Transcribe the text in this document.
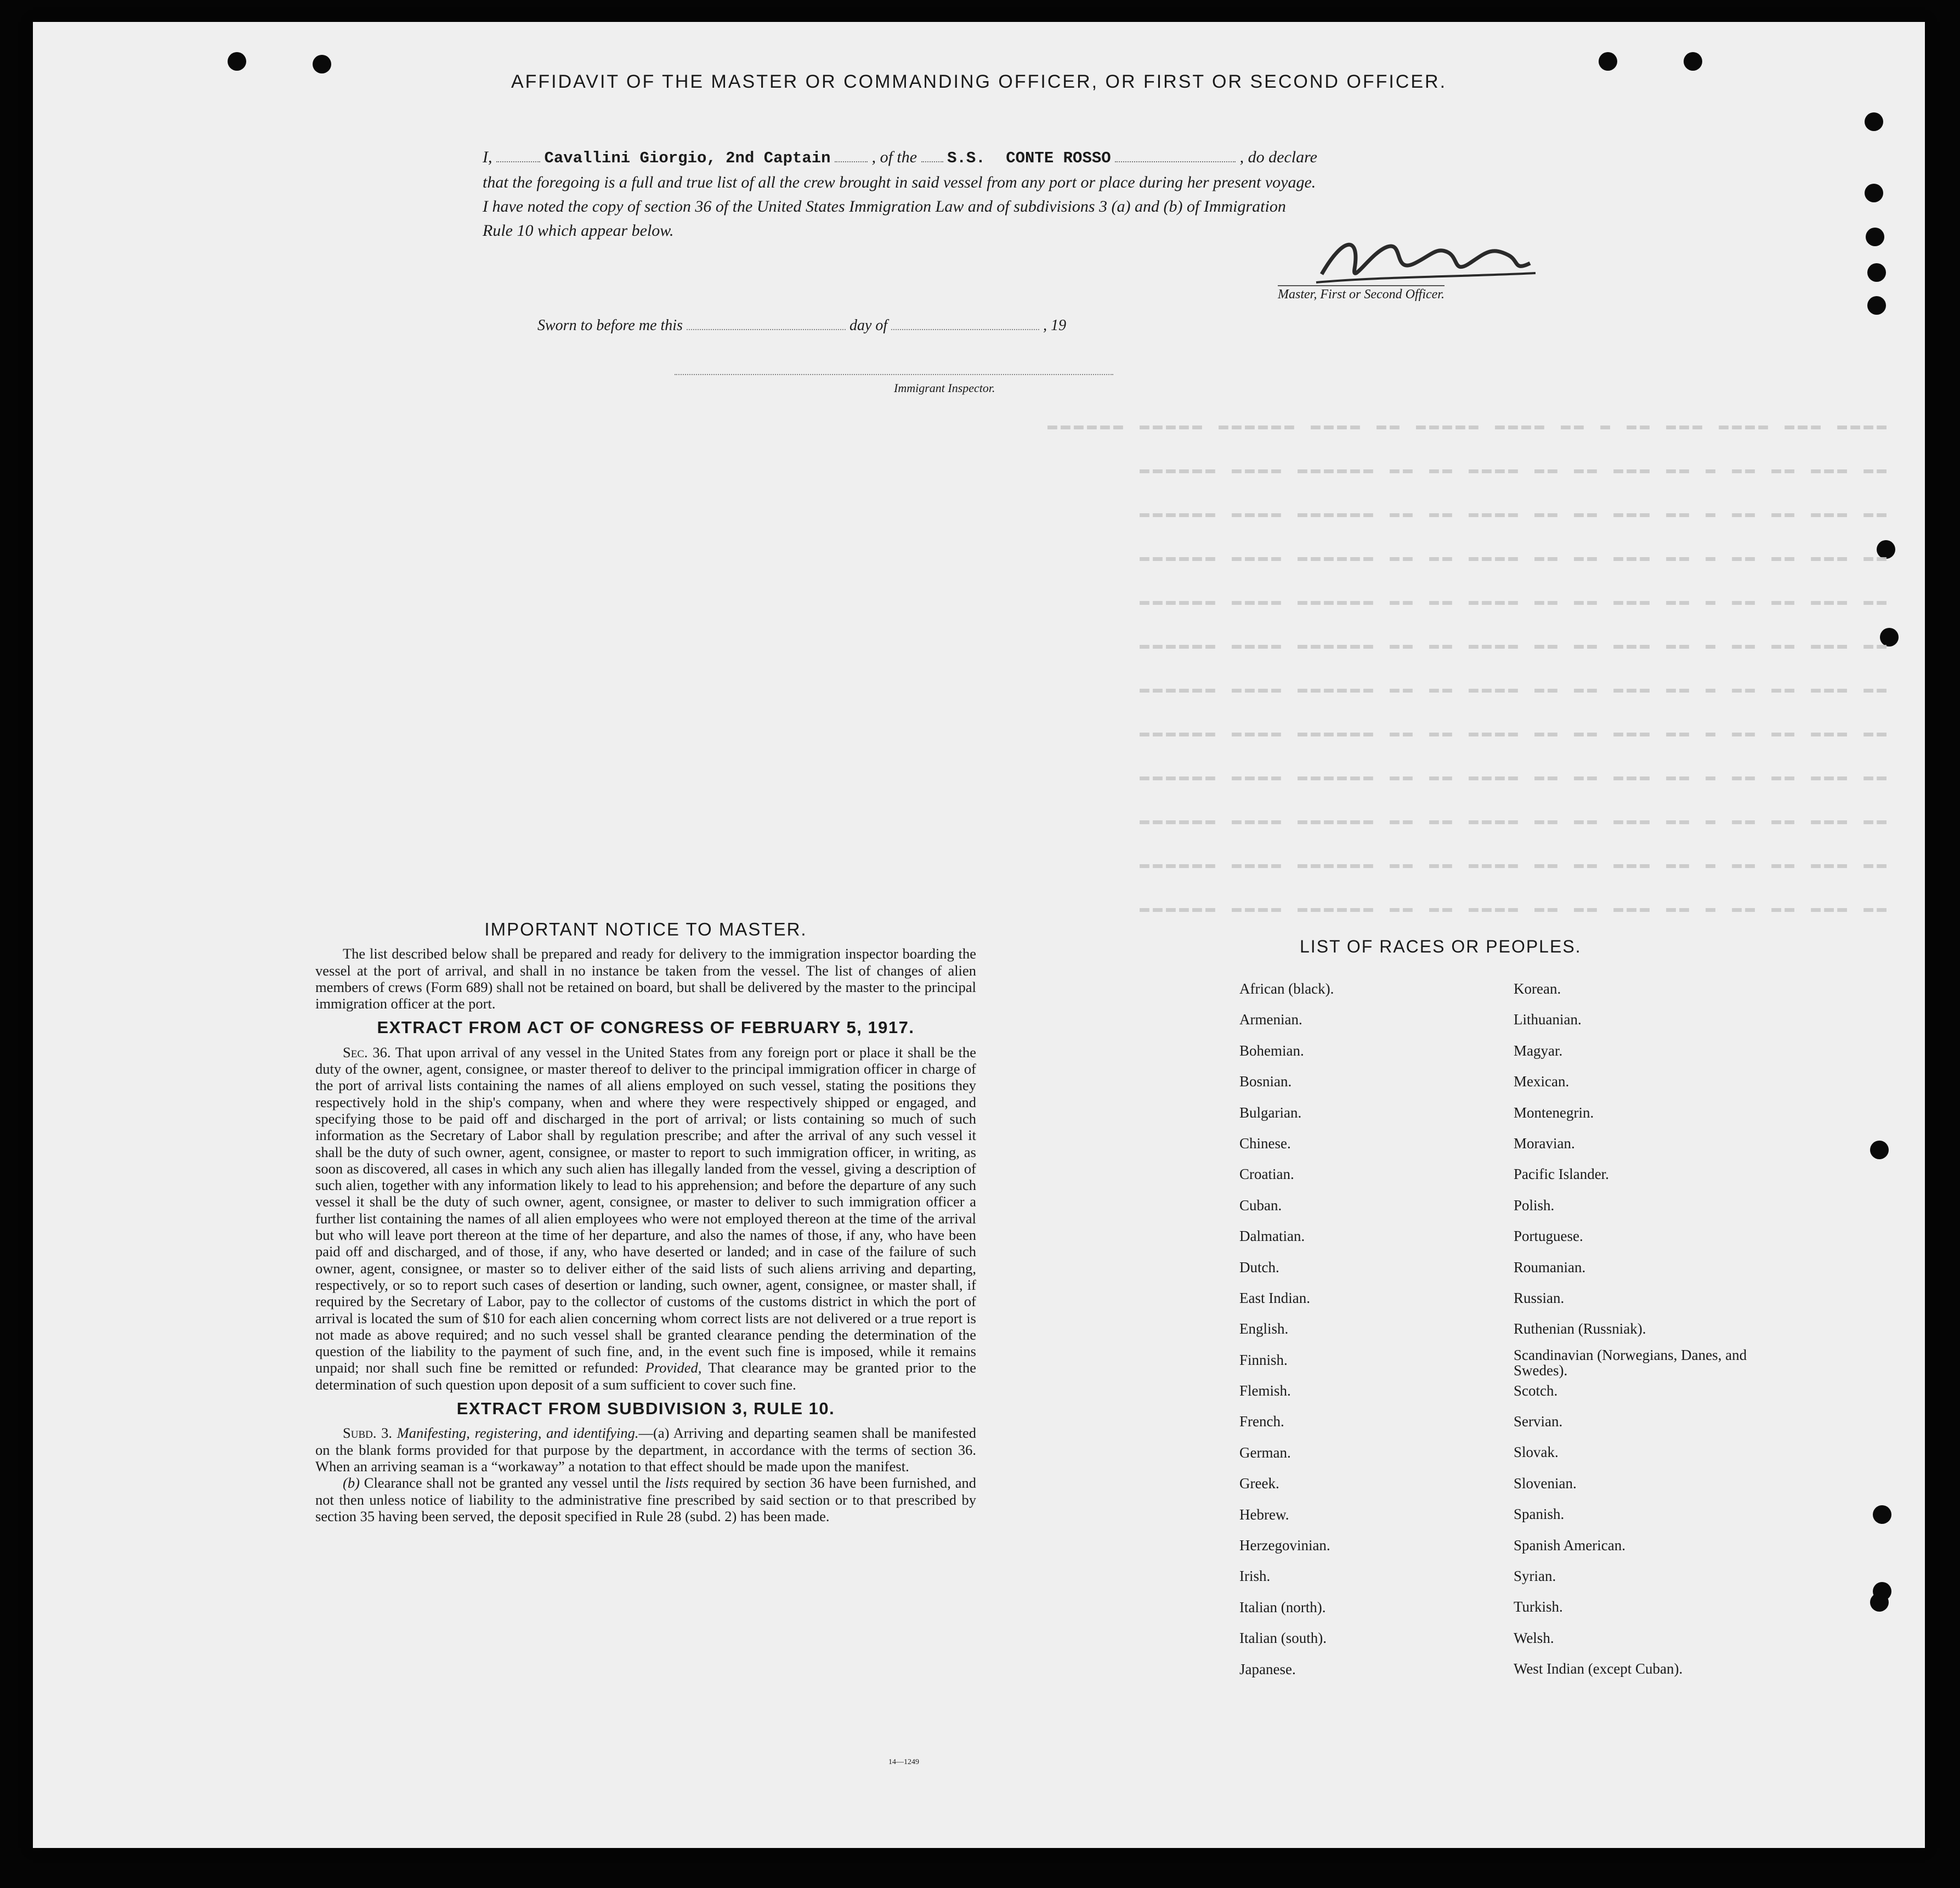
▬▬▬▬ ▬▬▬ ▬▬▬▬ ▬▬▬ ▬▬ ▬ ▬▬ ▬▬▬▬ ▬▬▬▬▬ ▬▬ ▬▬▬▬ ▬▬▬▬▬▬ ▬▬▬▬▬ ▬▬▬▬▬▬
▬▬ ▬▬▬ ▬▬ ▬▬ ▬ ▬▬ ▬▬▬ ▬▬ ▬▬ ▬▬▬▬ ▬▬ ▬▬ ▬▬▬▬▬▬ ▬▬▬▬ ▬▬▬▬▬▬
▬▬ ▬▬▬ ▬▬ ▬▬ ▬ ▬▬ ▬▬▬ ▬▬ ▬▬ ▬▬▬▬ ▬▬ ▬▬ ▬▬▬▬▬▬ ▬▬▬▬ ▬▬▬▬▬▬
▬▬ ▬▬▬ ▬▬ ▬▬ ▬ ▬▬ ▬▬▬ ▬▬ ▬▬ ▬▬▬▬ ▬▬ ▬▬ ▬▬▬▬▬▬ ▬▬▬▬ ▬▬▬▬▬▬
▬▬ ▬▬▬ ▬▬ ▬▬ ▬ ▬▬ ▬▬▬ ▬▬ ▬▬ ▬▬▬▬ ▬▬ ▬▬ ▬▬▬▬▬▬ ▬▬▬▬ ▬▬▬▬▬▬
▬▬ ▬▬▬ ▬▬ ▬▬ ▬ ▬▬ ▬▬▬ ▬▬ ▬▬ ▬▬▬▬ ▬▬ ▬▬ ▬▬▬▬▬▬ ▬▬▬▬ ▬▬▬▬▬▬
▬▬ ▬▬▬ ▬▬ ▬▬ ▬ ▬▬ ▬▬▬ ▬▬ ▬▬ ▬▬▬▬ ▬▬ ▬▬ ▬▬▬▬▬▬ ▬▬▬▬ ▬▬▬▬▬▬
▬▬ ▬▬▬ ▬▬ ▬▬ ▬ ▬▬ ▬▬▬ ▬▬ ▬▬ ▬▬▬▬ ▬▬ ▬▬ ▬▬▬▬▬▬ ▬▬▬▬ ▬▬▬▬▬▬
▬▬ ▬▬▬ ▬▬ ▬▬ ▬ ▬▬ ▬▬▬ ▬▬ ▬▬ ▬▬▬▬ ▬▬ ▬▬ ▬▬▬▬▬▬ ▬▬▬▬ ▬▬▬▬▬▬
▬▬ ▬▬▬ ▬▬ ▬▬ ▬ ▬▬ ▬▬▬ ▬▬ ▬▬ ▬▬▬▬ ▬▬ ▬▬ ▬▬▬▬▬▬ ▬▬▬▬ ▬▬▬▬▬▬
▬▬ ▬▬▬ ▬▬ ▬▬ ▬ ▬▬ ▬▬▬ ▬▬ ▬▬ ▬▬▬▬ ▬▬ ▬▬ ▬▬▬▬▬▬ ▬▬▬▬ ▬▬▬▬▬▬
▬▬ ▬▬▬ ▬▬ ▬▬ ▬ ▬▬ ▬▬▬ ▬▬ ▬▬ ▬▬▬▬ ▬▬ ▬▬ ▬▬▬▬▬▬ ▬▬▬▬ ▬▬▬▬▬▬
AFFIDAVIT OF THE MASTER OR COMMANDING OFFICER, OR FIRST OR SECOND OFFICER.
I,	Cavallini Giorgio, 2nd Captain	, of the S.S. CONTE ROSSO	, do declare
that the foregoing is a full and true list of all the crew brought in said vessel from any port or place during her present voyage.
I have noted the copy of section 36 of the United States Immigration Law and of subdivisions 3 (a) and (b) of Immigration
Rule 10 which appear below.
Master, First or Second Officer.
Sworn to before me this	day of	, 19
Immigrant Inspector.
IMPORTANT NOTICE TO MASTER.

The list described below shall be prepared and ready for delivery to the immigration inspector boarding the vessel at the port of arrival, and shall in no instance be taken from the vessel. The list of changes of alien members of crews (Form 689) shall not be retained on board, but shall be delivered by the master to the principal immigration officer at the port.

EXTRACT FROM ACT OF CONGRESS OF FEBRUARY 5, 1917.

Sec. 36. That upon arrival of any vessel in the United States from any foreign port or place it shall be the duty of the owner, agent, consignee, or master thereof to deliver to the principal immigration officer in charge of the port of arrival lists containing the names of all aliens employed on such vessel, stating the positions they respectively hold in the ship's company, when and where they were respectively shipped or engaged, and specifying those to be paid off and discharged in the port of arrival; or lists containing so much of such information as the Secretary of Labor shall by regulation prescribe; and after the arrival of any such vessel it shall be the duty of such owner, agent, consignee, or master to report to such immigration officer, in writing, as soon as discovered, all cases in which any such alien has illegally landed from the vessel, giving a description of such alien, together with any information likely to lead to his apprehension; and before the departure of any such vessel it shall be the duty of such owner, agent, consignee, or master to deliver to such immigration officer a further list containing the names of all alien employees who were not employed thereon at the time of the arrival but who will leave port thereon at the time of her departure, and also the names of those, if any, who have been paid off and discharged, and of those, if any, who have deserted or landed; and in case of the failure of such owner, agent, consignee, or master so to deliver either of the said lists of such aliens arriving and departing, respectively, or so to report such cases of desertion or landing, such owner, agent, consignee, or master shall, if required by the Secretary of Labor, pay to the collector of customs of the customs district in which the port of arrival is located the sum of $10 for each alien concerning whom correct lists are not delivered or a true report is not made as above required; and no such vessel shall be granted clearance pending the determination of the question of the liability to the payment of such fine, and, in the event such fine is imposed, while it remains unpaid; nor shall such fine be remitted or refunded: Provided, That clearance may be granted prior to the determination of such question upon deposit of a sum sufficient to cover such fine.

EXTRACT FROM SUBDIVISION 3, RULE 10.

Subd. 3. Manifesting, registering, and identifying.—(a) Arriving and departing seamen shall be manifested on the blank forms provided for that purpose by the department, in accordance with the terms of section 36. When an arriving seaman is a “workaway” a notation to that effect should be made upon the manifest.

(b) Clearance shall not be granted any vessel until the lists required by section 36 have been furnished, and not then unless notice of liability to the administrative fine prescribed by said section or to that prescribed by section 35 having been served, the deposit specified in Rule 28 (subd. 2) has been made.

LIST OF RACES OR PEOPLES.
African (black).
Armenian.
Bohemian.
Bosnian.
Bulgarian.
Chinese.
Croatian.
Cuban.
Dalmatian.
Dutch.
East Indian.
English.
Finnish.
Flemish.
French.
German.
Greek.
Hebrew.
Herzegovinian.
Irish.
Italian (north).
Italian (south).
Japanese.
Korean.
Lithuanian.
Magyar.
Mexican.
Montenegrin.
Moravian.
Pacific Islander.
Polish.
Portuguese.
Roumanian.
Russian.
Ruthenian (Russniak).
Scandinavian (Norwegians, Danes, and Swedes).
Scotch.
Servian.
Slovak.
Slovenian.
Spanish.
Spanish American.
Syrian.
Turkish.
Welsh.
West Indian (except Cuban).
14—1249
